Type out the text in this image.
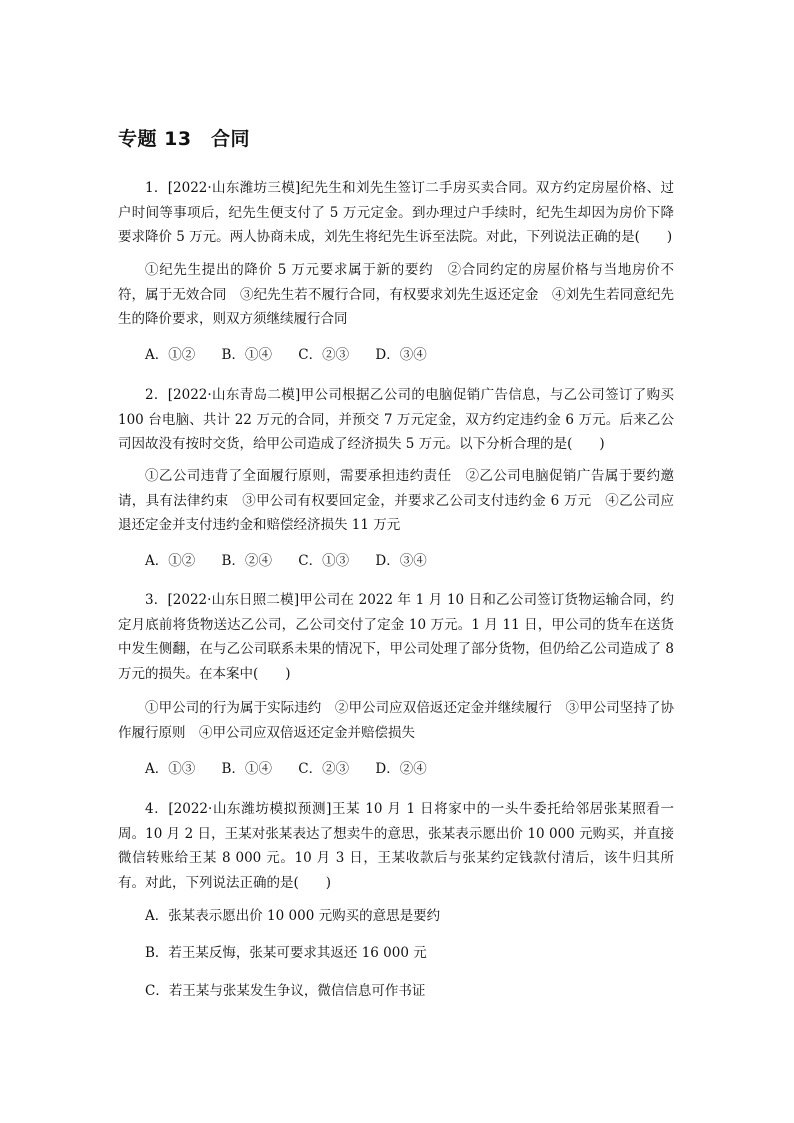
专题 13　合同
1．[2022·山东潍坊三模]纪先生和刘先生签订二手房买卖合同。双方约定房屋价格、过户时间等事项后，纪先生便支付了 5 万元定金。到办理过户手续时，纪先生却因为房价下降要求降价 5 万元。两人协商未成，刘先生将纪先生诉至法院。对此，下列说法正确的是(　　)
①纪先生提出的降价 5 万元要求属于新的要约　②合同约定的房屋价格与当地房价不符，属于无效合同　③纪先生若不履行合同，有权要求刘先生返还定金　④刘先生若同意纪先生的降价要求，则双方须继续履行合同
A．①② B．①④ C．②③ D．③④
2．[2022·山东青岛二模]甲公司根据乙公司的电脑促销广告信息，与乙公司签订了购买 100 台电脑、共计 22 万元的合同，并预交 7 万元定金，双方约定违约金 6 万元。后来乙公司因故没有按时交货，给甲公司造成了经济损失 5 万元。以下分析合理的是(　　)
①乙公司违背了全面履行原则，需要承担违约责任　②乙公司电脑促销广告属于要约邀请，具有法律约束　③甲公司有权要回定金，并要求乙公司支付违约金 6 万元　④乙公司应退还定金并支付违约金和赔偿经济损失 11 万元
A．①② B．②④ C．①③ D．③④
3．[2022·山东日照二模]甲公司在 2022 年 1 月 10 日和乙公司签订货物运输合同，约定月底前将货物送达乙公司，乙公司交付了定金 10 万元。1 月 11 日，甲公司的货车在送货中发生侧翻，在与乙公司联系未果的情况下，甲公司处理了部分货物，但仍给乙公司造成了 8 万元的损失。在本案中(　　)
①甲公司的行为属于实际违约　②甲公司应双倍返还定金并继续履行　③甲公司坚持了协作履行原则　④甲公司应双倍返还定金并赔偿损失
A．①③ B．①④ C．②③ D．②④
4．[2022·山东潍坊模拟预测]王某 10 月 1 日将家中的一头牛委托给邻居张某照看一周。10 月 2 日，王某对张某表达了想卖牛的意思，张某表示愿出价 10 000 元购买，并直接微信转账给王某 8 000 元。10 月 3 日，王某收款后与张某约定钱款付清后，该牛归其所有。对此，下列说法正确的是(　　)
A．张某表示愿出价 10 000 元购买的意思是要约
B．若王某反悔，张某可要求其返还 16 000 元
C．若王某与张某发生争议，微信信息可作书证
